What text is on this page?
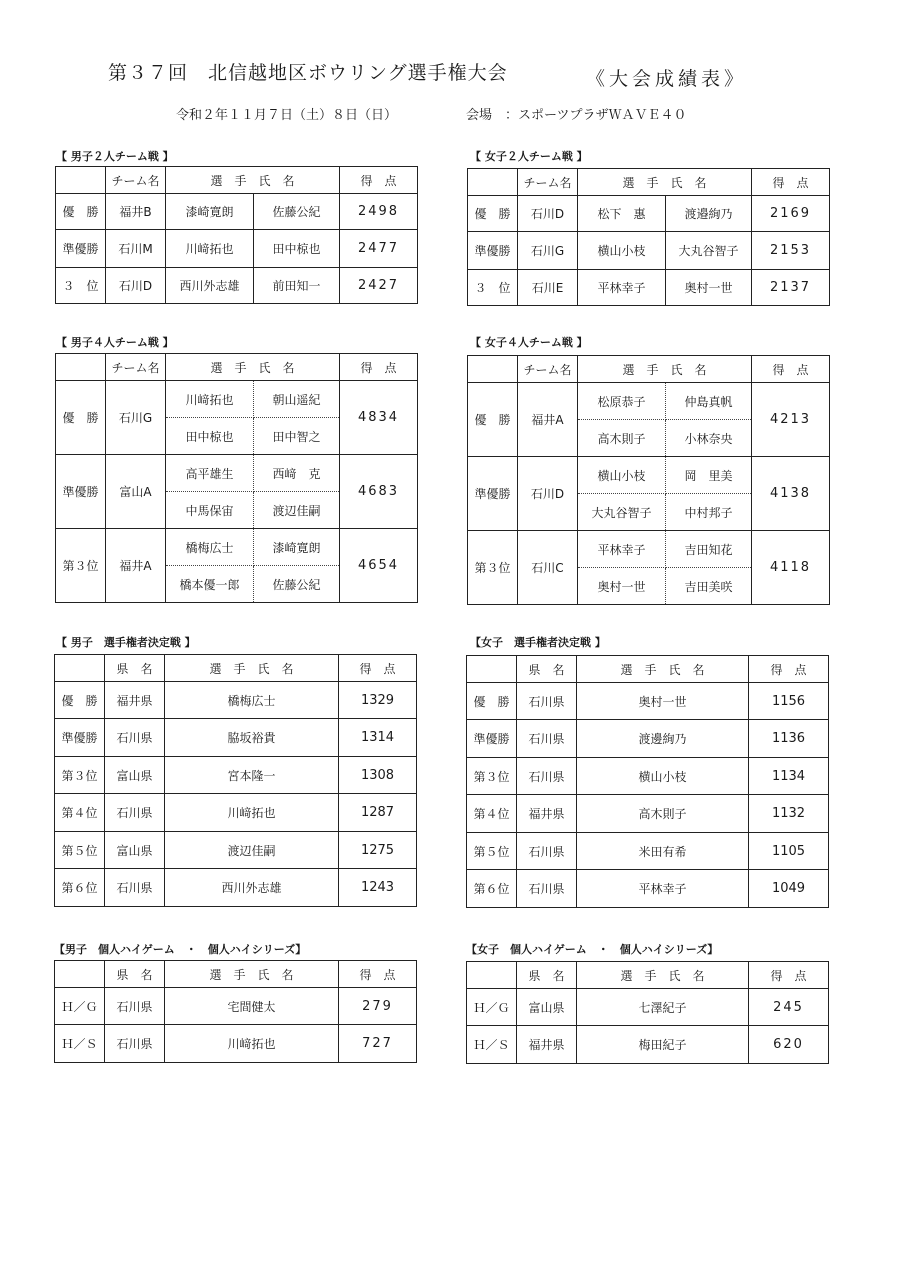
第３７回　北信越地区ボウリング選手権大会	《大会成績表》
令和２年１１月７日（土）８日（日）	会場　：スポーツプラザＷＡＶＥ４０
【 男子２人チーム戦 】
	チーム名	選　手　氏　名		得　点
優　勝	福井B	漆崎寛朗	佐藤公紀	2498
準優勝	石川M	川﨑拓也	田中椋也	2477
３　位	石川D	西川外志雄	前田知一	2427
【 女子２人チーム戦 】
	チーム名	選　手　氏　名		得　点
優　勝	石川D	松下　惠	渡邉絢乃	2169
準優勝	石川G	横山小枝	大丸谷智子	2153
３　位	石川E	平林幸子	奥村一世	2137
【 男子４人チーム戦 】
	チーム名	選　手　氏　名		得　点
優　勝	石川G	川﨑拓也	朝山遥紀	4834
		田中椋也	田中智之	
準優勝	富山A	高平雄生	西﨑　克	4683
		中馬保宙	渡辺佳嗣	
第３位	福井A	橋梅広士	漆崎寛朗	4654
		橋本優一郎	佐藤公紀	
【 女子４人チーム戦 】
	チーム名	選　手　氏　名		得　点
優　勝	福井A	松原恭子	仲島真帆	4213
		高木則子	小林奈央	
準優勝	石川D	横山小枝	岡　里美	4138
		大丸谷智子	中村邦子	
第３位	石川C	平林幸子	吉田知花	4118
		奥村一世	吉田美咲	
【 男子　選手権者決定戦 】
	県　名	選　手　氏　名	得　点
優　勝	福井県	橋梅広士	1329
準優勝	石川県	脇坂裕貴	1314
第３位	富山県	宮本隆一	1308
第４位	石川県	川﨑拓也	1287
第５位	富山県	渡辺佳嗣	1275
第６位	石川県	西川外志雄	1243
【女子　選手権者決定戦 】
	県　名	選　手　氏　名	得　点
優　勝	石川県	奥村一世	1156
準優勝	石川県	渡邊絢乃	1136
第３位	石川県	横山小枝	1134
第４位	福井県	高木則子	1132
第５位	石川県	米田有希	1105
第６位	石川県	平林幸子	1049
【男子　個人ハイゲーム　・　個人ハイシリーズ】
	県　名	選　手　氏　名	得　点
Ｈ／Ｇ	石川県	宅間健太	279
Ｈ／Ｓ	石川県	川﨑拓也	727
【女子　個人ハイゲーム　・　個人ハイシリーズ】
	県　名	選　手　氏　名	得　点
Ｈ／Ｇ	富山県	七澤紀子	245
Ｈ／Ｓ	福井県	梅田紀子	620
